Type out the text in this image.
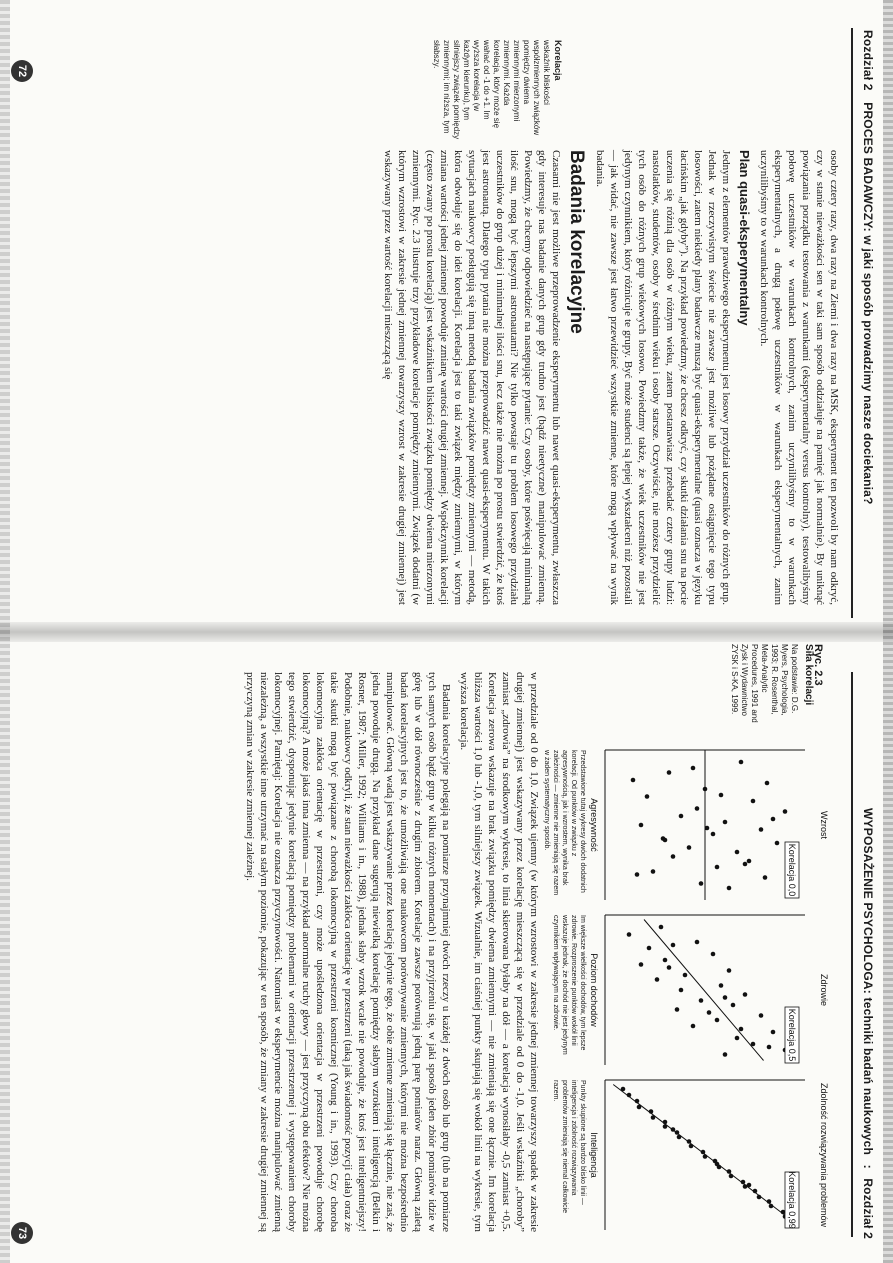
Rozdział 2 PROCES BADAWCZY: w jaki sposób prowadzimy nasze dociekania?

osoby cztery razy, dwa razy na Ziemi i dwa razy na MSK, eksperyment ten pozwoli by nam odkryć, czy w stanie nieważkości sen w taki sam sposób oddziałuje na pamięć jak normalnie). By uniknąć powiązania porządku testowania z warunkami (eksperymentalny versus kontrolny), testowalibyśmy połowę uczestników w warunkach kontrolnych, zanim uczynilibyśmy to w warunkach eksperymentalnych, a drugą połowę uczestników w warunkach eksperymentalnych, zanim uczynilibyśmy to w warunkach kontrolnych.

Plan quasi-eksperymentalny

Jednym z elementów prawdziwego eksperymentu jest losowy przydział uczestników do różnych grup. Jednak w rzeczywistym świecie nie zawsze jest możliwe lub pożądane osiągnięcie tego typu losowości, zatem niekiedy plany badawcze muszą być quasi-eksperymentalne (quasi oznacza w języku łacińskim „jak gdyby”). Na przykład powiedzmy, że chcesz odkryć, czy skutki działania snu na pocie uczenia się różnią dla osób w różnym wieku, zatem postanawiasz przebadać cztery grupy ludzi: nastolatków, studentów, osoby w średnim wieku i osoby starsze. Oczywiście, nie możesz przydzielić tych osób do różnych grup wiekowych losowo. Powiedzmy także, że wiek uczestników nie jest jedynym czynnikiem, który różnicuje te grupy. Być może studenci są lepiej wykształceni niż pozostali — jak widać, nie zawsze jest łatwo przewidzieć wszystkie zmienne, które mogą wpływać na wynik badania.

Badania korelacyjne

Czasami nie jest możliwe przeprowadzenie eksperymentu lub nawet quasi-eksperymentu, zwłaszcza gdy interesuje nas badanie danych grup gdy trudno jest (bądź nieetyczne) manipulować zmienną. Powiedzmy, że chcemy odpowiedzieć na następujące pytanie: Czy osoby, które poświęcają minimalną ilość snu, mogą być lepszymi astronautami? Nie tylko powstaje tu problem losowego przydziału uczestników do grup dużej i minimalnej ilości snu, lecz także nie można po prostu stwierdzić, że ktoś jest astronautą. Dlatego typu pytania nie można przeprowadzić nawet quasi-eksperymentu. W takich sytuacjach naukowcy posługują się inną metodą badania związków pomiędzy zmiennymi — metodą, która odwołuje się do idei korelacji. Korelacja jest to taki związek między zmiennymi, w którym zmiana wartości jednej zmiennej powoduje zmianę wartości drugiej zmiennej. Współczynnik korelacji (często zwany po prostu korelacją) jest wskaźnikiem bliskości związku pomiędzy dwiema mierzonymi zmiennymi. Ryc. 2.3 ilustruje trzy przykładowe korelacje pomiędzy zmiennymi. Związek dodatni (w którym wzrostowi w zakresie jednej zmiennej towarzyszy wzrost w zakresie drugiej zmiennej) jest wskazywany przez wartość korelacji mieszczącą się

Korelacja
wskaźnik bliskości współzmiennych związków pomiędzy dwiema zmiennymi mierzonymi zmiennymi. Każda korelacja, który może się wahać od -1 do +1. Im wyższa korelacja (w każdym kierunku), tym silniejszy związek pomiędzy zmiennymi; im niższa, tym słabszy.
72
WYPOSAŻENIE PSYCHOLOGA: techniki badań naukowych : Rozdział 2
Ryc. 2.3
Siła korelacji
Na podstawie: D.G. Myers, Psychologia, 1993; R. Rosenthal, Meta-Analytic Procedures, 1991 and Zysk i Wydawnictwo ZYSK i S-KA, 1999.
Wzrost
Agresywność
Korelacja 0,0
Zdrowie
Poziom dochodów
Korelacja 0,5
Zdolność rozwiązywania problemów
Inteligencja
Korelacja 0,99
Przedstawione tutaj wykresy dwóch dodatnich korelacji. Od punktów w związku z agresywnością, jak i wzrostem, wynika brak zależności — zmienne nie zmieniają się razem w żaden systematyczny sposób.
Im większe wielkości dochodów, tym lepsze zdrowie. Rozproszenie punktów wokół linii wskazuje jednak, że dochód nie jest jedynym czynnikiem wpływającym na zdrowie.
Punkty skupione są bardzo blisko linii — inteligencja i zdolność rozwiązywania problemów zmieniają się niemal całkowicie razem.

w przedziale od 0 do 1,0. Związek ujemny (w którym wzrostowi w zakresie jednej zmiennej towarzyszy spadek w zakresie drugiej zmiennej) jest wskazywany przez korelację mieszczącą się w przedziale od 0 do -1,0. Jeśli wskaźniki „choroby” zamiast „zdrowia” na środkowym wykresie, to linia skierowana byłaby na dół — a korelacja wynosiłaby -0,5 zamiast +0,5. Korelacja zerowa wskazuje na brak związku pomiędzy dwiema zmiennymi — nie zmieniają się one łącznie. Im korelacja bliższa wartości 1,0 lub -1,0, tym silniejszy związek. Wizualnie, im ciaśniej punkty skupiają się wokół linii na wykresie, tym wyższa korelacja.

Badania korelacyjne polegają na pomiarze przynajmniej dwóch rzeczy u każdej z dwóch osób lub grup (lub na pomiarze tych samych osób bądź grup w kilku różnych momentach) i na przyjrzeniu się, w jaki sposób jeden zbiór pomiarów idzie w górę lub w dół równocześnie z drugim zbiorem. Korelacje zawsze porównują jedną parę pomiarów naraz. Główną zaletą badań korelacyjnych jest to, że umożliwiają one naukowcom porównywanie zmiennych, którymi nie można bezpośrednio manipulować. Główną wadą jest wskazywanie przez korelację jedynie tego, że obie zmienne zmieniają się łącznie, nie zaś, że jedna powoduje drugą. Na przykład dane sugerują niewielką korelację pomiędzy słabym wzrokiem i inteligencją (Belkin i Rosner, 1987; Miller, 1992; Williams i in., 1988), jednak słaby wzrok wcale nie powoduje, że ktoś jest inteligentniejszy! Podobnie, naukowcy odkryli, że stan nieważkości zakłóca orientację w przestrzeni (taką jak świadomość pozycji ciała) oraz że takie skutki mogą być powiązane z chorobą lokomocyjną w przestrzeni kosmicznej (Young i in., 1993). Czy choroba lokomocyjna zakłóca orientację w przestrzeni, czy może upośledzona orientacja w przestrzeni powoduje chorobę lokomocyjną? A może jakaś inna zmienna — na przykład anormalne ruchy głowy — jest przyczyną obu efektów? Nie można tego stwierdzić, dysponując jedynie korelacją pomiędzy problemami w orientacji przestrzennej i występowaniem choroby lokomocyjnej. Pamiętaj: Korelacja nie oznacza przyczynowości. Natomiast w eksperymencie można manipulować zmienną niezależną, a wszystkie inne utrzymać na stałym poziomie, pokazując w ten sposób, że zmiany w zakresie drugiej zmiennej są przyczyną zmian w zakresie zmiennej zależnej.

73
